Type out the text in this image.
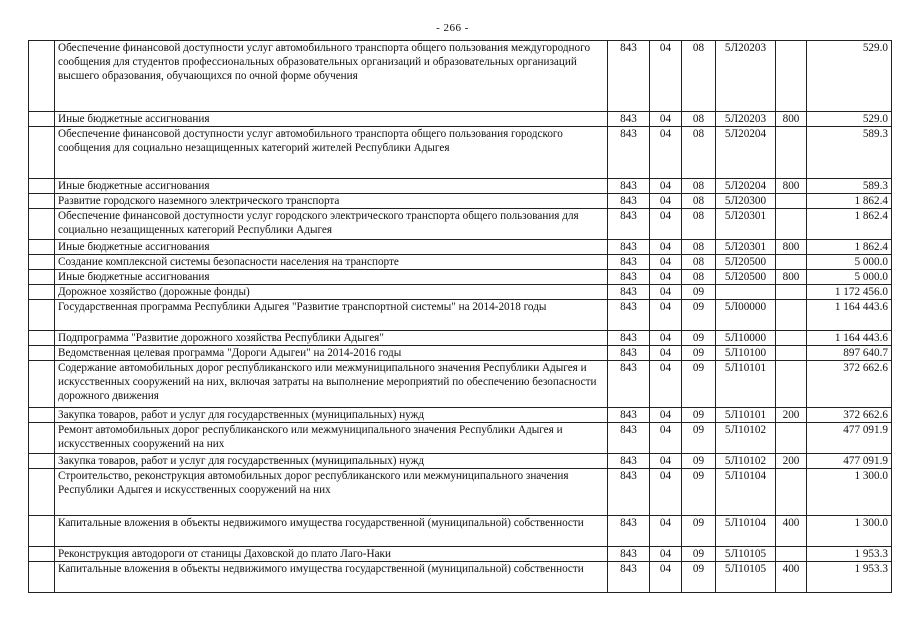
- 266 -
	Обеспечение финансовой доступности услуг автомобильного транспорта общего пользования междугородного сообщения для студентов профессиональных образовательных организаций и образовательных организаций высшего образования, обучающихся по очной форме обучения	843	04	08	5Л20203		529.0
	Иные бюджетные ассигнования	843	04	08	5Л20203	800	529.0
	Обеспечение финансовой доступности услуг автомобильного транспорта общего пользования городского сообщения для социально незащищенных категорий жителей Республики Адыгея	843	04	08	5Л20204		589.3
	Иные бюджетные ассигнования	843	04	08	5Л20204	800	589.3
	Развитие городского наземного электрического транспорта	843	04	08	5Л20300		1 862.4
	Обеспечение финансовой доступности услуг городского электрического транспорта общего пользования для социально незащищенных категорий Республики Адыгея	843	04	08	5Л20301		1 862.4
	Иные бюджетные ассигнования	843	04	08	5Л20301	800	1 862.4
	Создание комплексной системы безопасности населения на транспорте	843	04	08	5Л20500		5 000.0
	Иные бюджетные ассигнования	843	04	08	5Л20500	800	5 000.0
	Дорожное хозяйство (дорожные фонды)	843	04	09			1 172 456.0
	Государственная программа Республики Адыгея "Развитие транспортной системы" на 2014-2018 годы	843	04	09	5Л00000		1 164 443.6
	Подпрограмма "Развитие дорожного хозяйства Республики Адыгея"	843	04	09	5Л10000		1 164 443.6
	Ведомственная целевая программа "Дороги Адыгеи" на 2014-2016 годы	843	04	09	5Л10100		897 640.7
	Содержание автомобильных дорог республиканского или межмуниципального значения Республики Адыгея и искусственных сооружений на них, включая затраты на выполнение мероприятий по обеспечению безопасности дорожного движения	843	04	09	5Л10101		372 662.6
	Закупка товаров, работ и услуг для государственных (муниципальных) нужд	843	04	09	5Л10101	200	372 662.6
	Ремонт автомобильных дорог республиканского или межмуниципального значения Республики Адыгея и искусственных сооружений на них	843	04	09	5Л10102		477 091.9
	Закупка товаров, работ и услуг для государственных (муниципальных) нужд	843	04	09	5Л10102	200	477 091.9
	Строительство, реконструкция автомобильных дорог республиканского или межмуниципального значения Республики Адыгея и искусственных сооружений на них	843	04	09	5Л10104		1 300.0
	Капитальные вложения в объекты недвижимого имущества государственной (муниципальной) собственности	843	04	09	5Л10104	400	1 300.0
	Реконструкция автодороги от станицы Даховской до плато Лаго-Наки	843	04	09	5Л10105		1 953.3
	Капитальные вложения в объекты недвижимого имущества государственной (муниципальной) собственности	843	04	09	5Л10105	400	1 953.3
